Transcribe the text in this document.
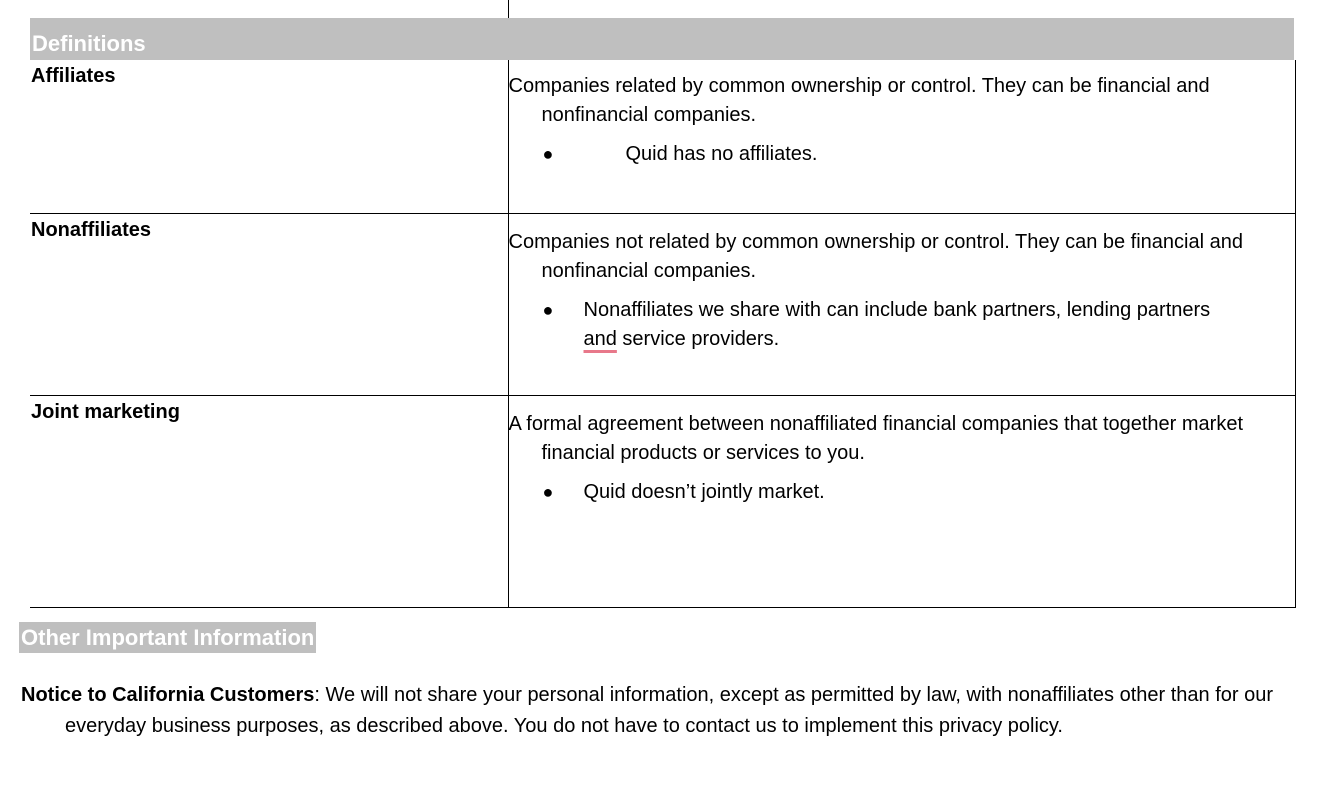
Definitions
Affiliates	Companies related by common ownership or control. They can be financial and nonfinancial companies.

● Quid has no affiliates.

Nonaffiliates	Companies not related by common ownership or control. They can be financial and nonfinancial companies.

● Nonaffiliates we share with can include bank partners, lending partners and service providers.

Joint marketing	A formal agreement between nonaffiliated financial companies that together market financial products or services to you.

● Quid doesn’t jointly market.
Other Important Information
Notice to California Customers: We will not share your personal information, except as permitted by law, with nonaffiliates other than for our everyday business purposes, as described above. You do not have to contact us to implement this privacy policy.
